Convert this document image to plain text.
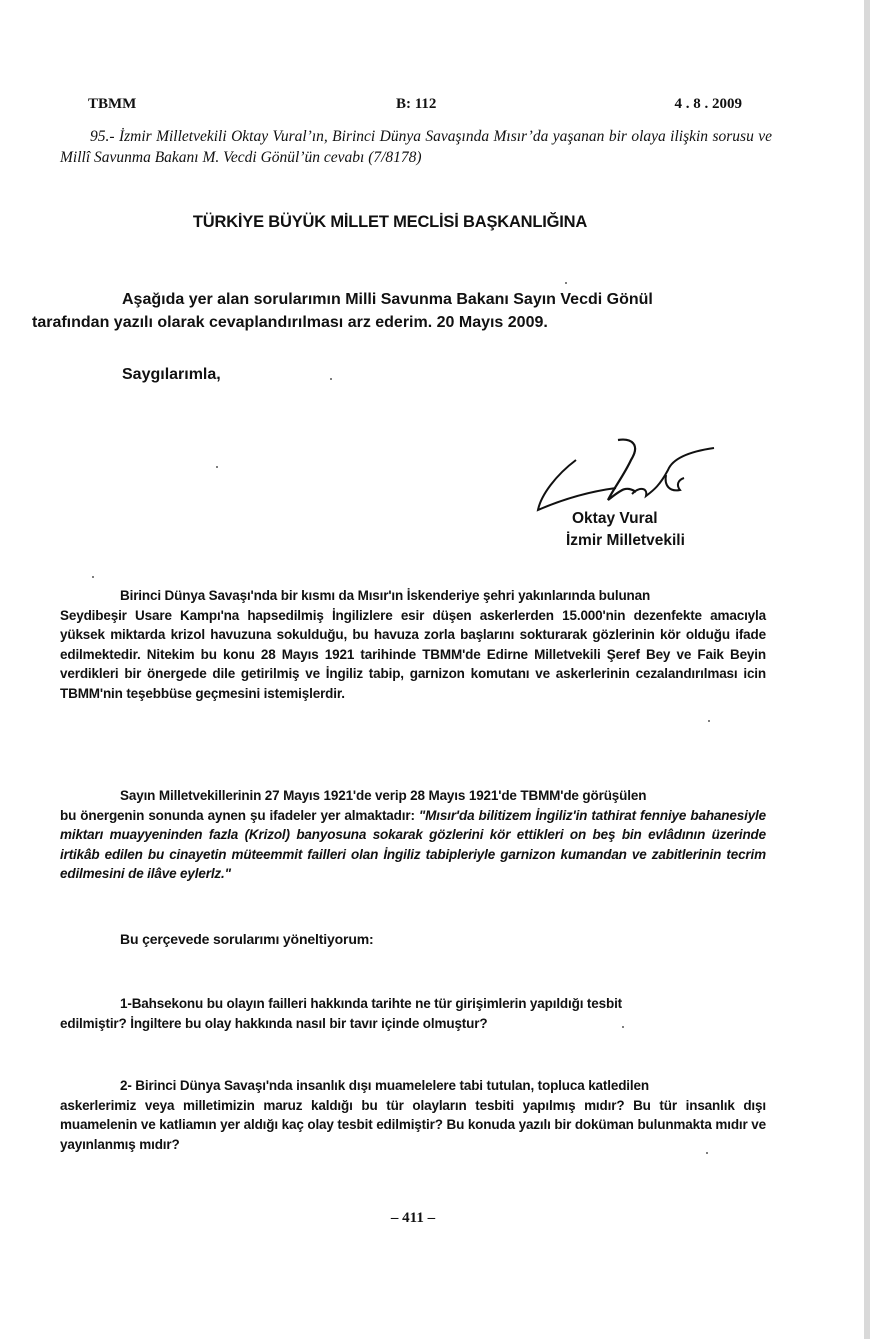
TBMM	B: 112	4 . 8 . 2009
95.- İzmir Milletvekili Oktay Vural’ın, Birinci Dünya Savaşında Mısır’da yaşanan bir olaya ilişkin sorusu ve Millî Savunma Bakanı M. Vecdi Gönül’ün cevabı (7/8178)
TÜRKİYE BÜYÜK MİLLET MECLİSİ BAŞKANLIĞINA
Aşağıda yer alan sorularımın Milli Savunma Bakanı Sayın Vecdi Gönül
tarafından yazılı olarak cevaplandırılması arz ederim. 20 Mayıs 2009.
Saygılarımla,
Oktay Vural
İzmir Milletvekili
Birinci Dünya Savaşı'nda bir kısmı da Mısır'ın İskenderiye şehri yakınlarında bulunan
Seydibeşir Usare Kampı'na hapsedilmiş İngilizlere esir düşen askerlerden 15.000'nin dezenfekte amacıyla yüksek miktarda krizol havuzuna sokulduğu, bu havuza zorla başlarını sokturarak gözlerinin kör olduğu ifade edilmektedir. Nitekim bu konu 28 Mayıs 1921 tarihinde TBMM'de Edirne Milletvekili Şeref Bey ve Faik Beyin verdikleri bir önergede dile getirilmiş ve İngiliz tabip, garnizon komutanı ve askerlerinin cezalandırılması icin TBMM'nin teşebbüse geçmesini istemişlerdir.
Sayın Milletvekillerinin 27 Mayıs 1921'de verip 28 Mayıs 1921'de TBMM'de görüşülen
bu önergenin sonunda aynen şu ifadeler yer almaktadır: "Mısır'da bilitizem İngiliz'in tathirat fenniye bahanesiyle miktarı muayyeninden fazla (Krizol) banyosuna sokarak gözlerini kör ettikleri on beş bin evlâdının üzerinde irtikâb edilen bu cinayetin müteemmit failleri olan İngiliz tabipleriyle garnizon kumandan ve zabitlerinin tecrim edilmesini de ilâve eylerlz."
Bu çerçevede sorularımı yöneltiyorum:
1-Bahsekonu bu olayın failleri hakkında tarihte ne tür girişimlerin yapıldığı tesbit
edilmiştir? İngiltere bu olay hakkında nasıl bir tavır içinde olmuştur?
2- Birinci Dünya Savaşı'nda insanlık dışı muamelelere tabi tutulan, topluca katledilen
askerlerimiz veya milletimizin maruz kaldığı bu tür olayların tesbiti yapılmış mıdır? Bu tür insanlık dışı muamelenin ve katliamın yer aldığı kaç olay tesbit edilmiştir? Bu konuda yazılı bir doküman bulunmakta mıdır ve yayınlanmış mıdır?
– 411 –
